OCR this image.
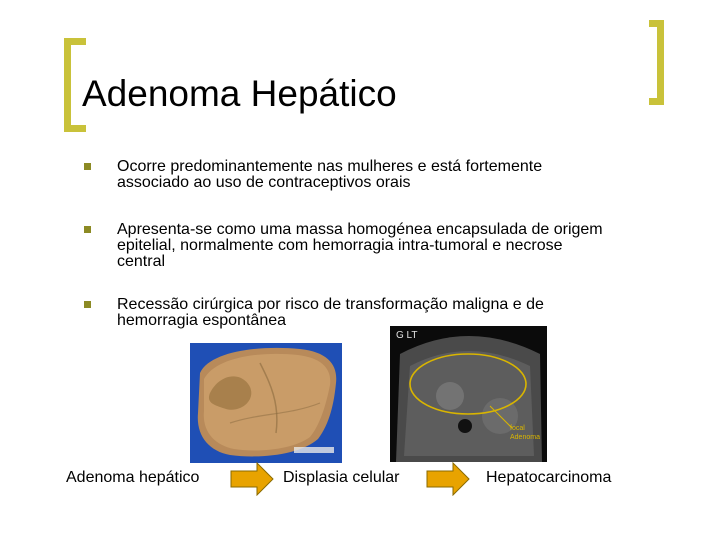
Adenoma Hepático
Ocorre predominantemente nas mulheres e está fortemente
associado ao uso de contraceptivos orais
Apresenta-se como uma massa homogénea encapsulada de origem
epitelial, normalmente com hemorragia intra-tumoral e necrose
central
Recessão cirúrgica por risco de transformação maligna e de
hemorragia espontânea
G LT
focal
Adenoma
Adenoma hepático	Displasia celular	Hepatocarcinoma
